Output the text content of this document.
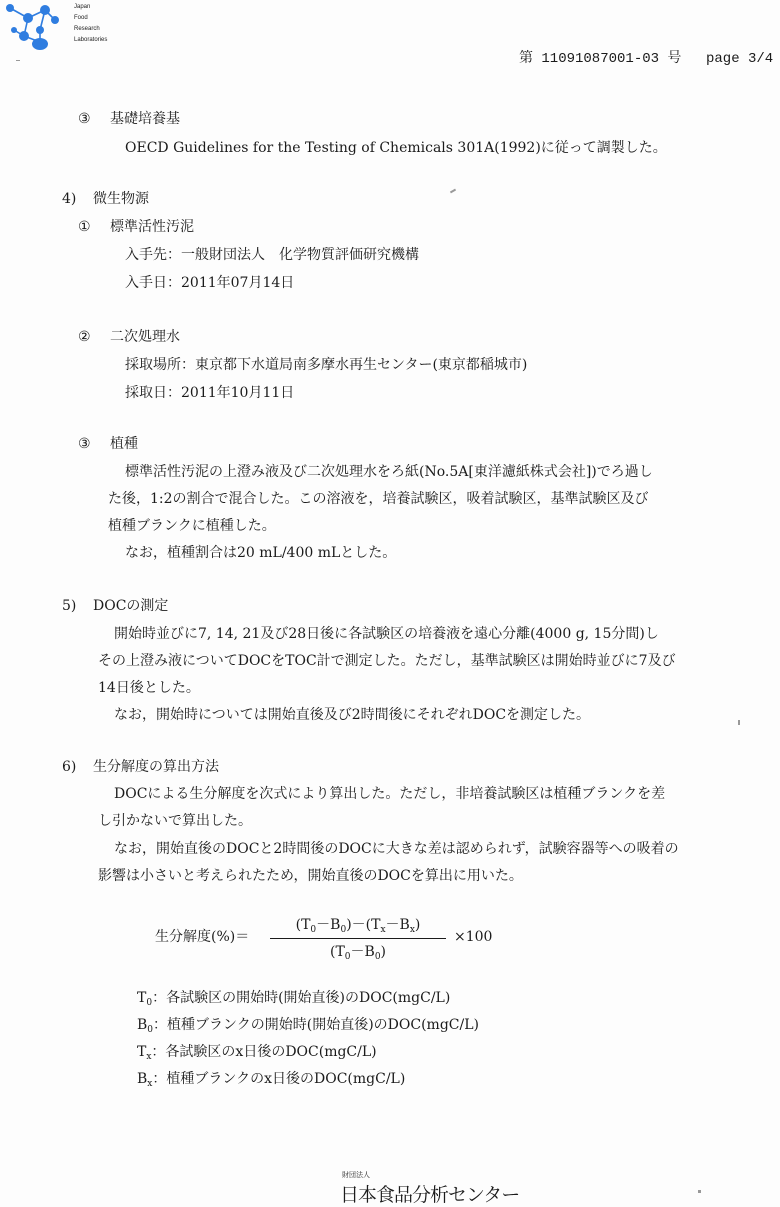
Japan
Food
Research
Laboratories
第 11091087001-03 号 page 3/4
③ 基礎培養基
OECD Guidelines for the Testing of Chemicals 301A(1992)に従って調製した。
4) 微生物源
① 標準活性汚泥
入手先：一般財団法人　化学物質評価研究機構
入手日：2011年07月14日
② 二次処理水
採取場所：東京都下水道局南多摩水再生センター(東京都稲城市)
採取日：2011年10月11日
③ 植種
標準活性汚泥の上澄み液及び二次処理水をろ紙(No.5A[東洋濾紙株式会社])でろ過し
た後，1:2の割合で混合した。この溶液を，培養試験区，吸着試験区，基準試験区及び
植種ブランクに植種した。
なお，植種割合は20 mL/400 mLとした。
5) DOCの測定
開始時並びに7, 14, 21及び28日後に各試験区の培養液を遠心分離(4000 g, 15分間)し
その上澄み液についてDOCをTOC計で測定した。ただし，基準試験区は開始時並びに7及び
14日後とした。
なお，開始時については開始直後及び2時間後にそれぞれDOCを測定した。
6) 生分解度の算出方法
DOCによる生分解度を次式により算出した。ただし，非培養試験区は植種ブランクを差
し引かないで算出した。
なお，開始直後のDOCと2時間後のDOCに大きな差は認められず，試験容器等への吸着の
影響は小さいと考えられたため，開始直後のDOCを算出に用いた。
生分解度(%)＝
$(T_0-B_0)-(T_x-B_x)$
$(T_0-B_0)$
×100
$T_0$：各試験区の開始時(開始直後)のDOC(mgC/L)
$B_0$：植種ブランクの開始時(開始直後)のDOC(mgC/L)
$T_x$：各試験区のx日後のDOC(mgC/L)
$B_x$：植種ブランクのx日後のDOC(mgC/L)
財団法人
日本食品分析センター
